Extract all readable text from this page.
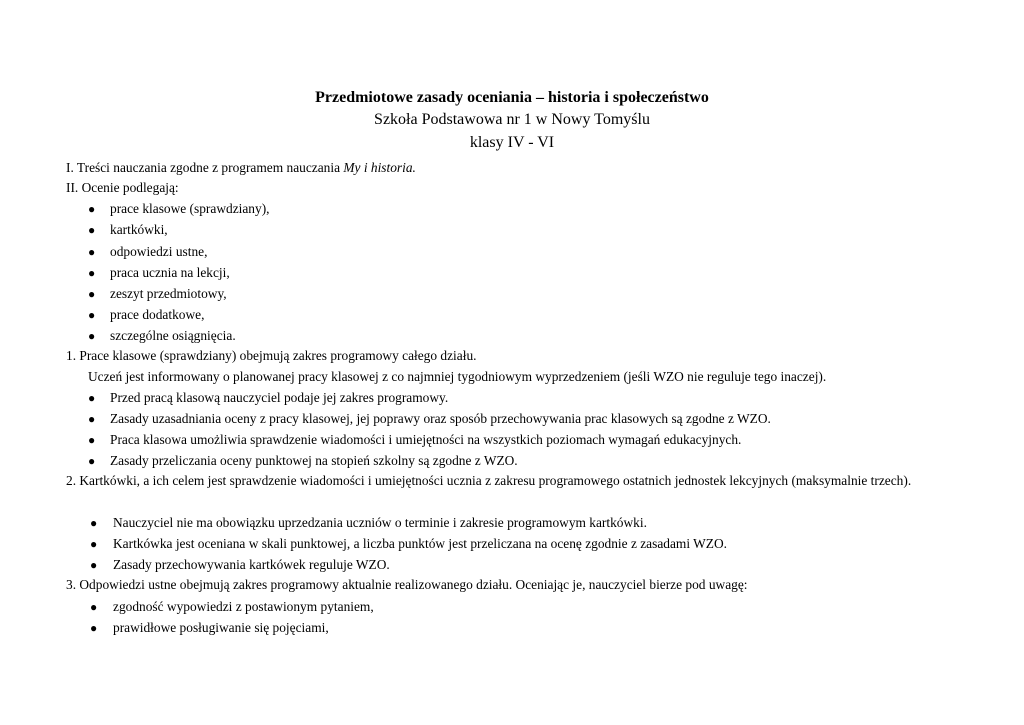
Przedmiotowe zasady oceniania – historia i społeczeństwo
Szkoła Podstawowa nr 1 w Nowy Tomyślu
klasy IV - VI
I. Treści nauczania zgodne z programem nauczania My i historia.
II. Ocenie podlegają:
● prace klasowe (sprawdziany),
● kartkówki,
● odpowiedzi ustne,
● praca ucznia na lekcji,
● zeszyt przedmiotowy,
● prace dodatkowe,
● szczególne osiągnięcia.
1. Prace klasowe (sprawdziany) obejmują zakres programowy całego działu.
Uczeń jest informowany o planowanej pracy klasowej z co najmniej tygodniowym wyprzedzeniem (jeśli WZO nie reguluje tego inaczej).
● Przed pracą klasową nauczyciel podaje jej zakres programowy.
● Zasady uzasadniania oceny z pracy klasowej, jej poprawy oraz sposób przechowywania prac klasowych są zgodne z WZO.
● Praca klasowa umożliwia sprawdzenie wiadomości i umiejętności na wszystkich poziomach wymagań edukacyjnych.
● Zasady przeliczania oceny punktowej na stopień szkolny są zgodne z WZO.
2. Kartkówki, a ich celem jest sprawdzenie wiadomości i umiejętności ucznia z zakresu programowego ostatnich jednostek lekcyjnych (maksymalnie trzech).
● Nauczyciel nie ma obowiązku uprzedzania uczniów o terminie i zakresie programowym kartkówki.
● Kartkówka jest oceniana w skali punktowej, a liczba punktów jest przeliczana na ocenę zgodnie z zasadami WZO.
● Zasady przechowywania kartkówek reguluje WZO.
3. Odpowiedzi ustne obejmują zakres programowy aktualnie realizowanego działu. Oceniając je, nauczyciel bierze pod uwagę:
● zgodność wypowiedzi z postawionym pytaniem,
● prawidłowe posługiwanie się pojęciami,
